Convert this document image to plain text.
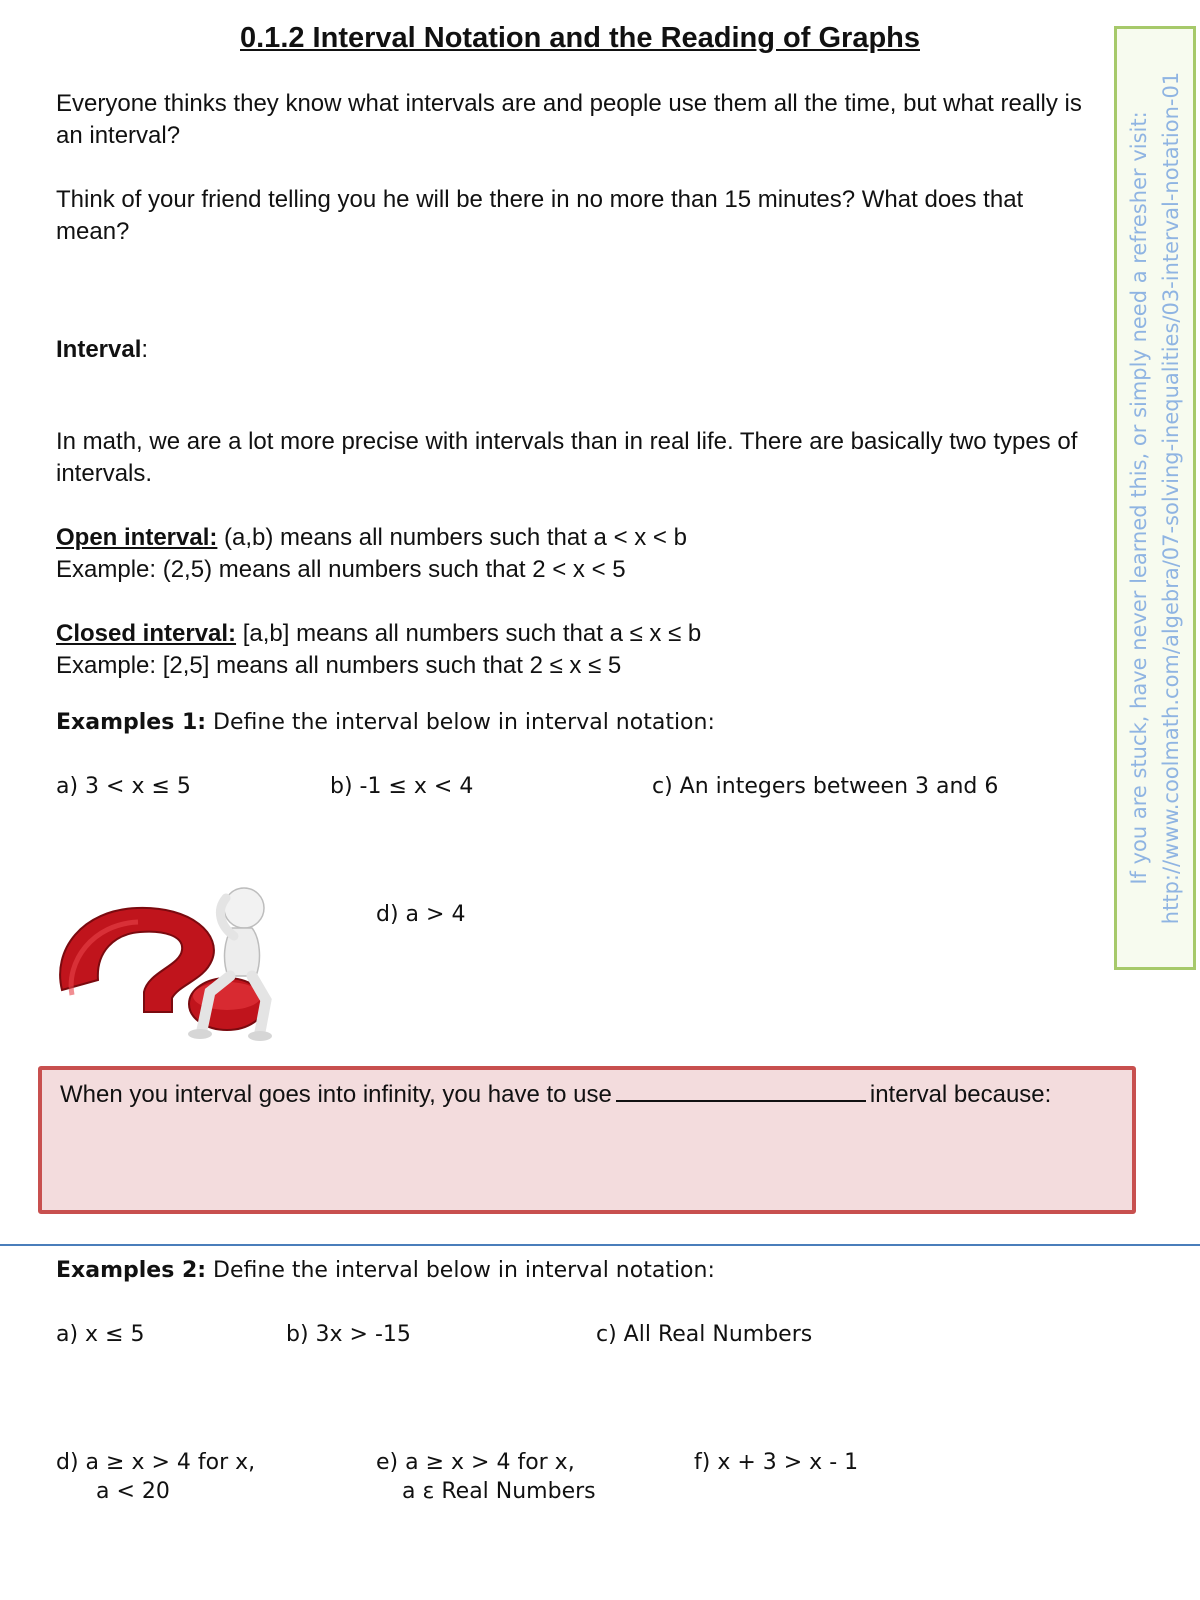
0.1.2 Interval Notation and the Reading of Graphs
Everyone thinks they know what intervals are and people use them all the time, but what really is an interval?
Think of your friend telling you he will be there in no more than 15 minutes? What does that mean?
Interval:
In math, we are a lot more precise with intervals than in real life. There are basically two types of intervals.
Open interval: (a,b) means all numbers such that a < x < b
Example: (2,5) means all numbers such that 2 < x < 5
Closed interval: [a,b] means all numbers such that a ≤ x ≤ b
Example: [2,5] means all numbers such that 2 ≤ x ≤ 5
Examples 1: Define the interval below in interval notation:
a) 3 < x ≤ 5	b) -1 ≤ x < 4	c) An integers between 3 and 6
d) a > 4
When you interval goes into infinity, you have to use	interval because:
Examples 2: Define the interval below in interval notation:
a) x ≤ 5	b) 3x > -15	c) All Real Numbers
d) a ≥ x > 4 for x,
a < 20
e) a ≥ x > 4 for x,
a ε Real Numbers
f) x + 3 > x - 1
If you are stuck, have never learned this, or simply need a refresher visit: http://www.coolmath.com/algebra/07-solving-inequalities/03-interval-notation-01
